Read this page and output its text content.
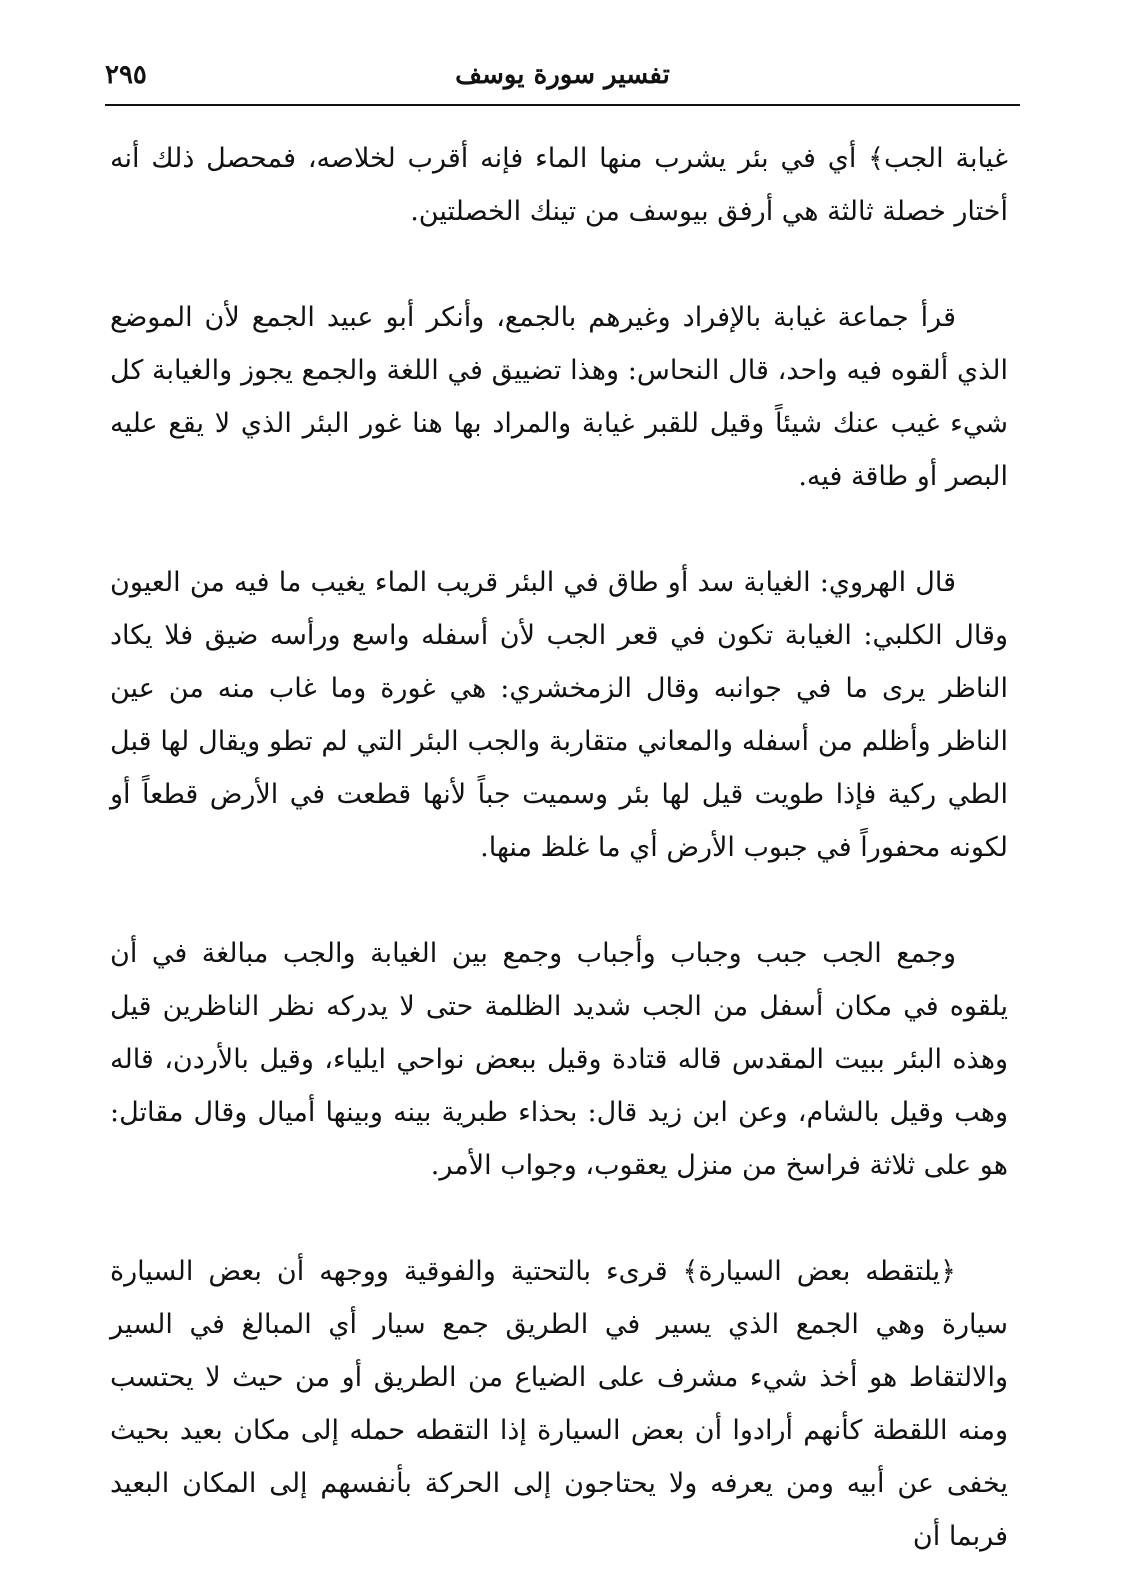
تفسير سورة يوسف
٢٩٥

غيابة الجب﴾ أي في بئر يشرب منها الماء فإنه أقرب لخلاصه، فمحصل ذلك أنه أختار خصلة ثالثة هي أرفق بيوسف من تينك الخصلتين.

قرأ جماعة غيابة بالإفراد وغيرهم بالجمع، وأنكر أبو عبيد الجمع لأن الموضع الذي ألقوه فيه واحد، قال النحاس: وهذا تضييق في اللغة والجمع يجوز والغيابة كل شيء غيب عنك شيئاً وقيل للقبر غيابة والمراد بها هنا غور البئر الذي لا يقع عليه البصر أو طاقة فيه.

قال الهروي: الغيابة سد أو طاق في البئر قريب الماء يغيب ما فيه من العيون وقال الكلبي: الغيابة تكون في قعر الجب لأن أسفله واسع ورأسه ضيق فلا يكاد الناظر يرى ما في جوانبه وقال الزمخشري: هي غورة وما غاب منه من عين الناظر وأظلم من أسفله والمعاني متقاربة والجب البئر التي لم تطو ويقال لها قبل الطي ركية فإذا طويت قيل لها بئر وسميت جباً لأنها قطعت في الأرض قطعاً أو لكونه محفوراً في جبوب الأرض أي ما غلظ منها.

وجمع الجب جبب وجباب وأجباب وجمع بين الغيابة والجب مبالغة في أن يلقوه في مكان أسفل من الجب شديد الظلمة حتى لا يدركه نظر الناظرين قيل وهذه البئر ببيت المقدس قاله قتادة وقيل ببعض نواحي ايلياء، وقيل بالأردن، قاله وهب وقيل بالشام، وعن ابن زيد قال: بحذاء طبرية بينه وبينها أميال وقال مقاتل: هو على ثلاثة فراسخ من منزل يعقوب، وجواب الأمر.

﴿يلتقطه بعض السيارة﴾ قرىء بالتحتية والفوقية ووجهه أن بعض السيارة سيارة وهي الجمع الذي يسير في الطريق جمع سيار أي المبالغ في السير والالتقاط هو أخذ شيء مشرف على الضياع من الطريق أو من حيث لا يحتسب ومنه اللقطة كأنهم أرادوا أن بعض السيارة إذا التقطه حمله إلى مكان بعيد بحيث يخفى عن أبيه ومن يعرفه ولا يحتاجون إلى الحركة بأنفسهم إلى المكان البعيد فربما أن
